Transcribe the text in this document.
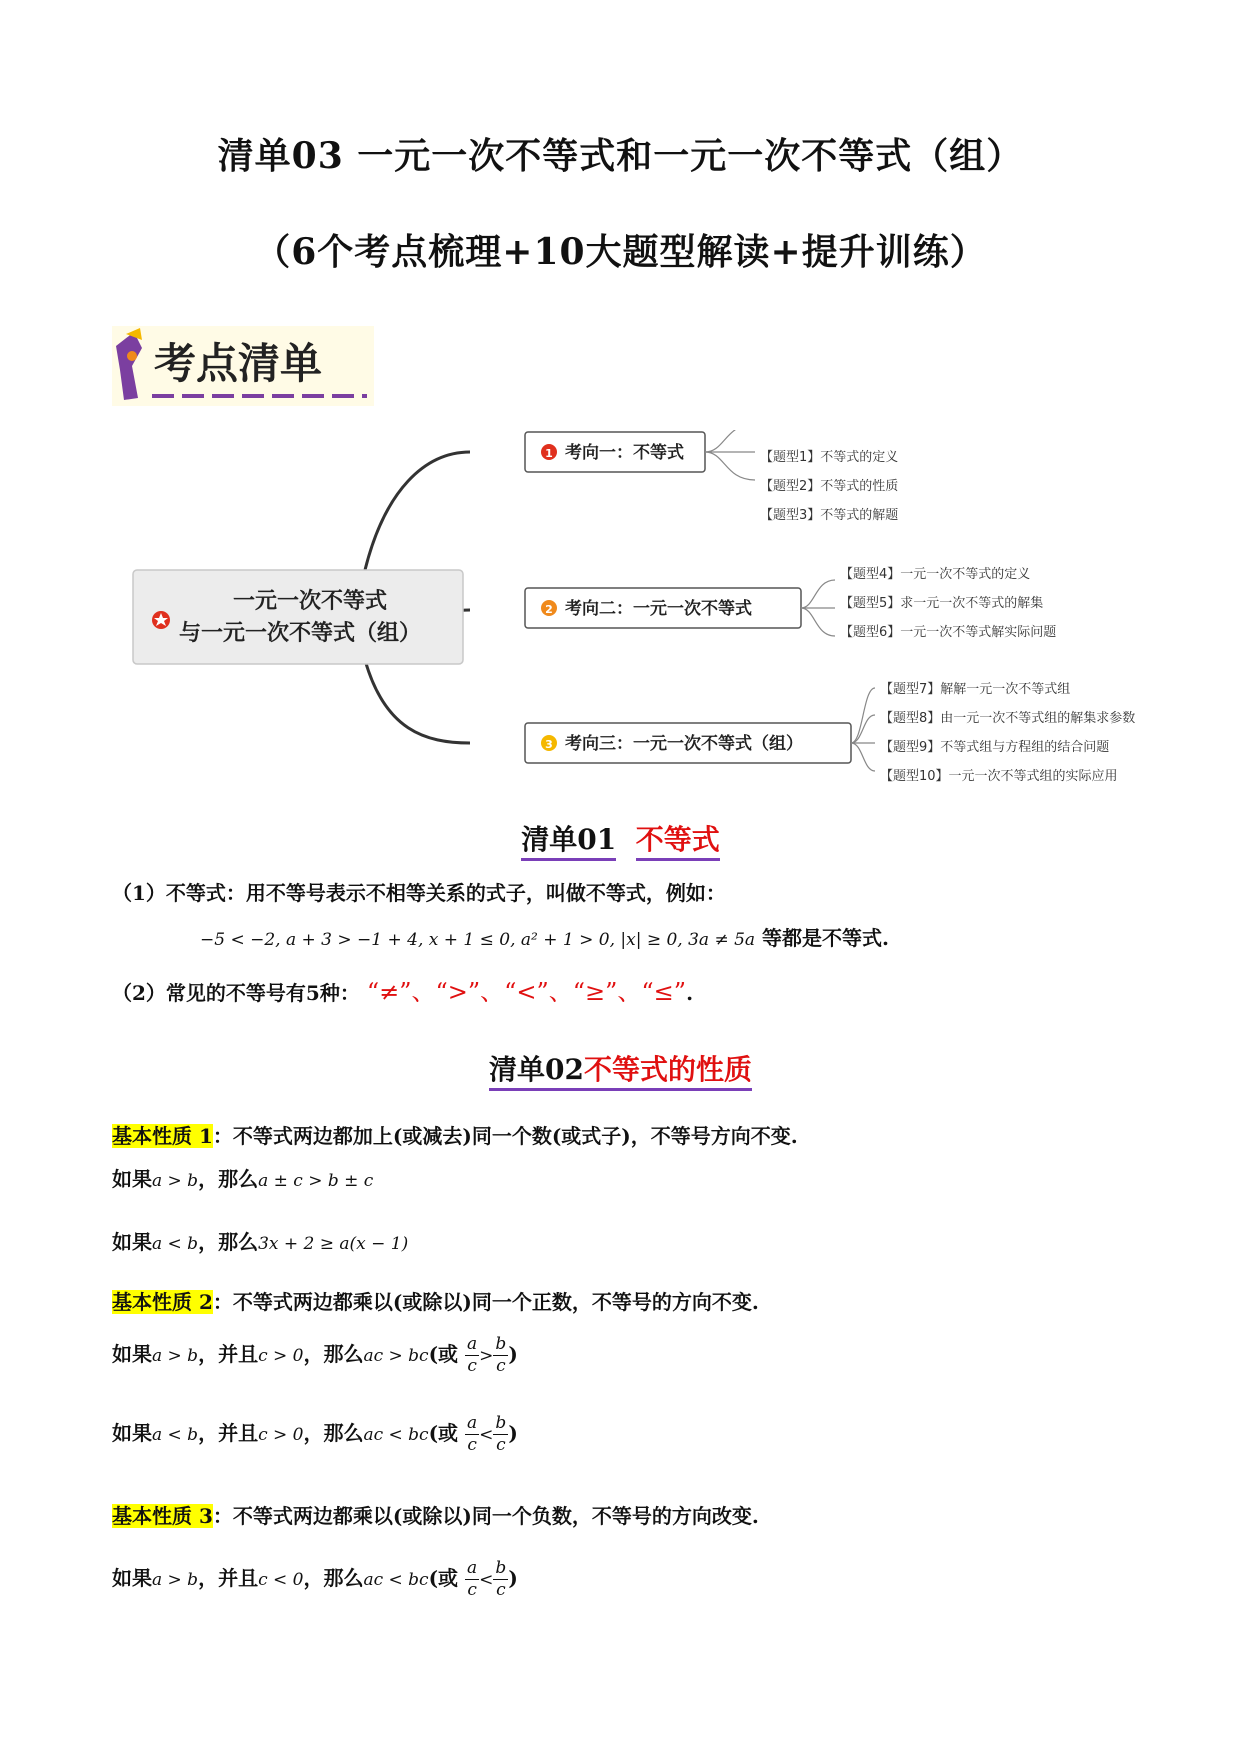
清单03 一元一次不等式和一元一次不等式（组）
（6个考点梳理+10大题型解读+提升训练）
考点清单
一元一次不等式
与一元一次不等式（组）
1 考向一：不等式
2 考向二：一元一次不等式
3 考向三：一元一次不等式（组）
【题型1】不等式的定义
【题型2】不等式的性质
【题型3】不等式的解题
【题型4】一元一次不等式的定义
【题型5】求一元一次不等式的解集
【题型6】一元一次不等式解实际问题
【题型7】解解一元一次不等式组
【题型8】由一元一次不等式组的解集求参数
【题型9】不等式组与方程组的结合问题
【题型10】一元一次不等式组的实际应用
清单01 不等式
（1）不等式：用不等号表示不相等关系的式子，叫做不等式，例如：
−5 < −2, a + 3 > −1 + 4, x + 1 ≤ 0, a² + 1 > 0, |x| ≥ 0, 3a ≠ 5a 等都是不等式.
（2）常见的不等号有5种： “≠”、“>”、“<”、“≥”、“≤”.
清单02不等式的性质
基本性质 1：不等式两边都加上(或减去)同一个数(或式子)，不等号方向不变.
如果a > b，那么a ± c > b ± c
如果a < b，那么3x + 2 ≥ a(x − 1)
基本性质 2：不等式两边都乘以(或除以)同一个正数，不等号的方向不变.
如果a > b，并且c > 0，那么ac > bc(或 $\frac{a}{c} > \frac{b}{c}$ )
如果a < b，并且c > 0，那么ac < bc(或 $\frac{a}{c} < \frac{b}{c}$ )
基本性质 3：不等式两边都乘以(或除以)同一个负数，不等号的方向改变.
如果a > b，并且c < 0，那么ac < bc(或 $\frac{a}{c} < \frac{b}{c}$ )
